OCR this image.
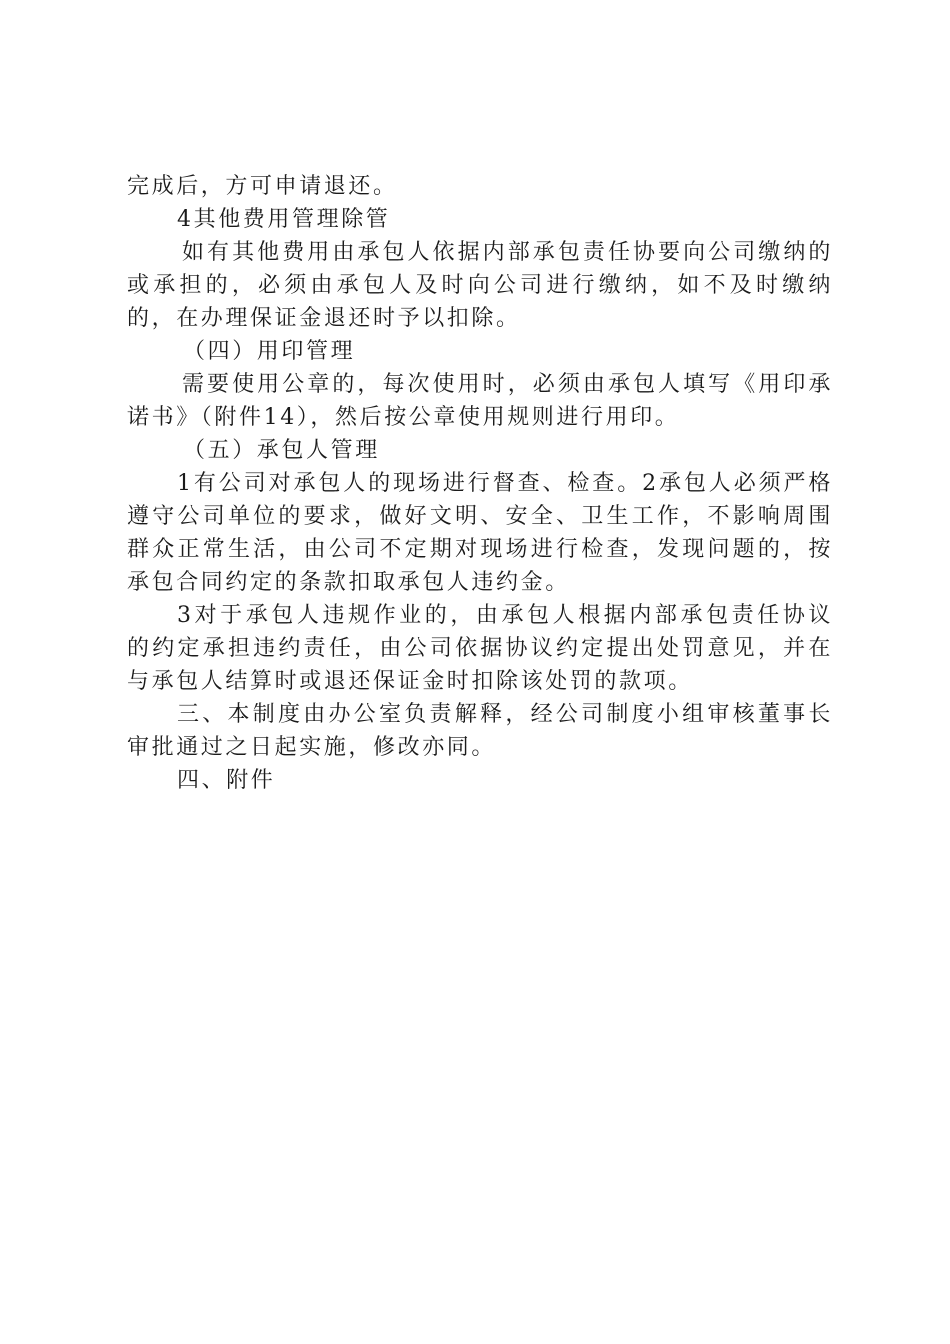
完成后，方可申请退还。

4其他费用管理除管

如有其他费用由承包人依据内部承包责任协要向公司缴纳的或承担的，必须由承包人及时向公司进行缴纳，如不及时缴纳的，在办理保证金退还时予以扣除。

（四）用印管理

需要使用公章的，每次使用时，必须由承包人填写《用印承诺书》（附件14），然后按公章使用规则进行用印。

（五）承包人管理

1有公司对承包人的现场进行督查、检查。2承包人必须严格遵守公司单位的要求，做好文明、安全、卫生工作，不影响周围群众正常生活，由公司不定期对现场进行检查，发现问题的，按承包合同约定的条款扣取承包人违约金。

3对于承包人违规作业的，由承包人根据内部承包责任协议的约定承担违约责任，由公司依据协议约定提出处罚意见，并在与承包人结算时或退还保证金时扣除该处罚的款项。

三、本制度由办公室负责解释，经公司制度小组审核董事长审批通过之日起实施，修改亦同。

四、附件
